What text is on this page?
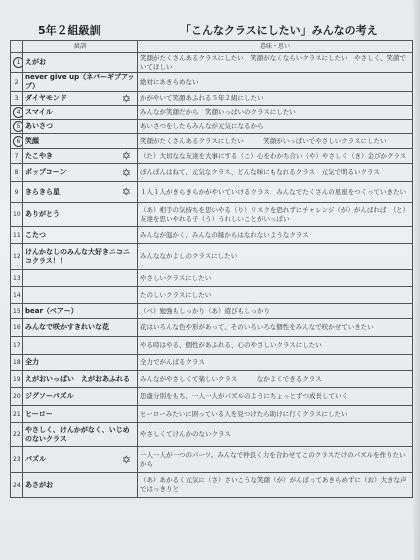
5年２組級訓	「こんなクラスにしたい」みんなの考え
	級訓	意味・思い
1	えがお	笑顔がたくさんあるクラスにしたい　笑顔がなくならいクラスにしたい　やさしく、笑顔でいてほしい
2	never give up（ネバーギブアップ）	絶対にあきらめない
3	ダイヤモンド ✡	かがやいて笑顔あふれる５年２組にしたい
4	スマイル	みんなが笑顔だから　笑顔いっぱいのクラスにしたい
5	あいさつ	あいさつをしたらみんなが元気になるから
6	笑顔	笑顔がたくさんあるクラスにしたい　　　笑顔がいっぱいでやさしいクラスにしたい
7	たこやき ✡	（た）大切なな友達を大事にする（こ）心をわかち合い（や）やさしく（き）金ぴかクラス
8	ポップコーン ✡	ぽんぽんはねて、元気なクラス、どんな味にもなれるクラス　元気で明るいクラス
9	きらきら星 ✡	１人１人がきらきらかがやいていけるクラス　みんなでたくさんの星座をつくっていきたい
10	ありがとう	（あ）相手の気持ちを思いやる（り）リスクを恐れずにチャレンジ（が）がんばれば　（と）友達を思いやれる子（う）うれしいことがいっぱい
11	こたつ	みんなが温かく、みんなの縁からはなれないようなクラス
12	けんかなしのみんな大好きニコニコクラス！！	みんななかよしのクラスにしたい
13		やさしいクラスにしたい
14		たのしいクラスにしたい
15	bear（ベアー）	（べ）勉強もしっかり（あ）遊びもしっかり
16	みんなで咲かすきれいな花	花はいろんな色や形があって、そのいろいろな個性をみんなで咲かせていきたい
17		やる時はやる、個性があふれる、心のやさしいクラスにしたい
18	全力	全力でがんばるクラス
19	えがおいっぱい　えがおあふれる	みんながやさしくて楽しいクラス　　　なかよくできるクラス
20	ジグソーパズル	思慮分別をもち、一人一人がパズルのようにちょっとずつ成長していく
21	ヒーロー	ヒーローみたいに困っている人を見つけたら助けに行くクラスにしたい
22	やさしく、けんかがなく、いじめのないクラス	やさしくてけんかのないクラス
23	パズル ✡	一人一人が一つのパーツ。みんなで仲良く力を合わせてこのクラスだけのパズルを作りたいから
24	あさがお	（あ）あかるく元気に（さ）さいこうな笑顔（が）がんばってあきらめずに（お）大きな声ではっきりと
